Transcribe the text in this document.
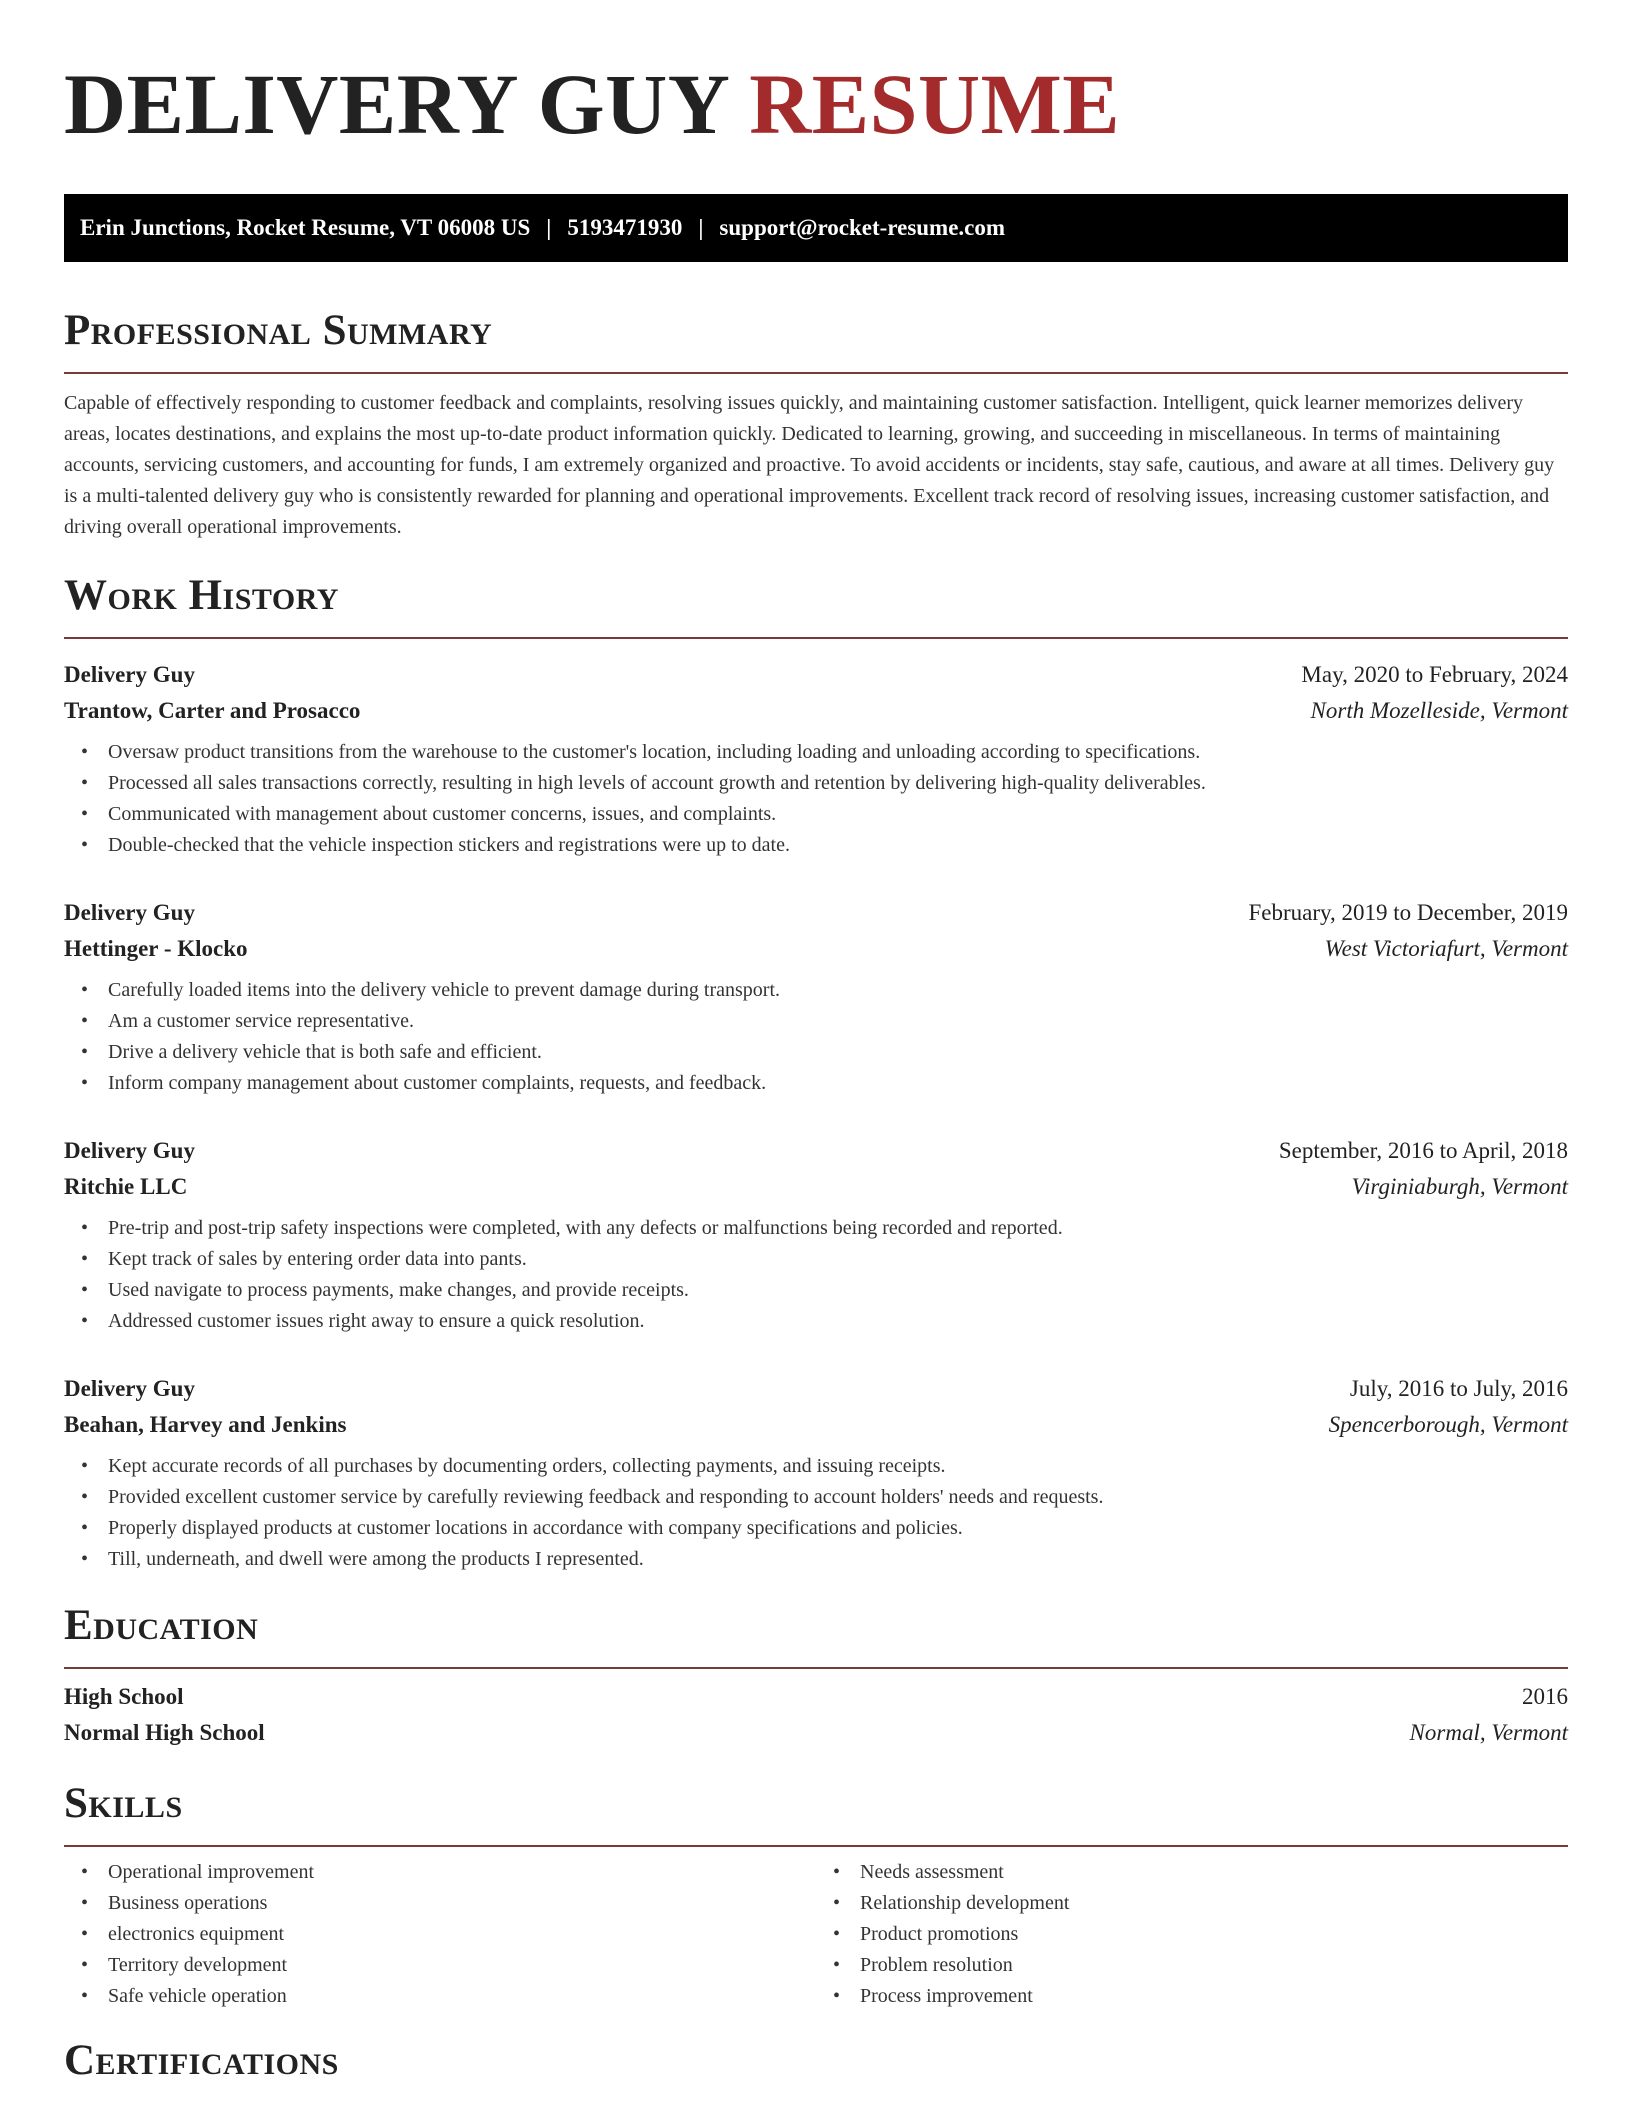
DELIVERY GUY RESUME
Erin Junctions, Rocket Resume, VT 06008 US | 5193471930 | support@rocket-resume.com
Professional Summary

Capable of effectively responding to customer feedback and complaints, resolving issues quickly, and maintaining customer satisfaction. Intelligent, quick learner memorizes delivery areas, locates destinations, and explains the most up-to-date product information quickly. Dedicated to learning, growing, and succeeding in miscellaneous. In terms of maintaining accounts, servicing customers, and accounting for funds, I am extremely organized and proactive. To avoid accidents or incidents, stay safe, cautious, and aware at all times. Delivery guy is a multi-talented delivery guy who is consistently rewarded for planning and operational improvements. Excellent track record of resolving issues, increasing customer satisfaction, and driving overall operational improvements.

Work History
Delivery Guy	May, 2020 to February, 2024
Trantow, Carter and Prosacco	North Mozelleside, Vermont
• Oversaw product transitions from the warehouse to the customer's location, including loading and unloading according to specifications.
• Processed all sales transactions correctly, resulting in high levels of account growth and retention by delivering high-quality deliverables.
• Communicated with management about customer concerns, issues, and complaints.
• Double-checked that the vehicle inspection stickers and registrations were up to date.
Delivery Guy	February, 2019 to December, 2019
Hettinger - Klocko	West Victoriafurt, Vermont
• Carefully loaded items into the delivery vehicle to prevent damage during transport.
• Am a customer service representative.
• Drive a delivery vehicle that is both safe and efficient.
• Inform company management about customer complaints, requests, and feedback.
Delivery Guy	September, 2016 to April, 2018
Ritchie LLC	Virginiaburgh, Vermont
• Pre-trip and post-trip safety inspections were completed, with any defects or malfunctions being recorded and reported.
• Kept track of sales by entering order data into pants.
• Used navigate to process payments, make changes, and provide receipts.
• Addressed customer issues right away to ensure a quick resolution.
Delivery Guy	July, 2016 to July, 2016
Beahan, Harvey and Jenkins	Spencerborough, Vermont
• Kept accurate records of all purchases by documenting orders, collecting payments, and issuing receipts.
• Provided excellent customer service by carefully reviewing feedback and responding to account holders' needs and requests.
• Properly displayed products at customer locations in accordance with company specifications and policies.
• Till, underneath, and dwell were among the products I represented.
Education
High School	2016
Normal High School	Normal, Vermont
Skills
• Operational improvement
• Business operations
• electronics equipment
• Territory development
• Safe vehicle operation
• Needs assessment
• Relationship development
• Product promotions
• Problem resolution
• Process improvement
Certifications
